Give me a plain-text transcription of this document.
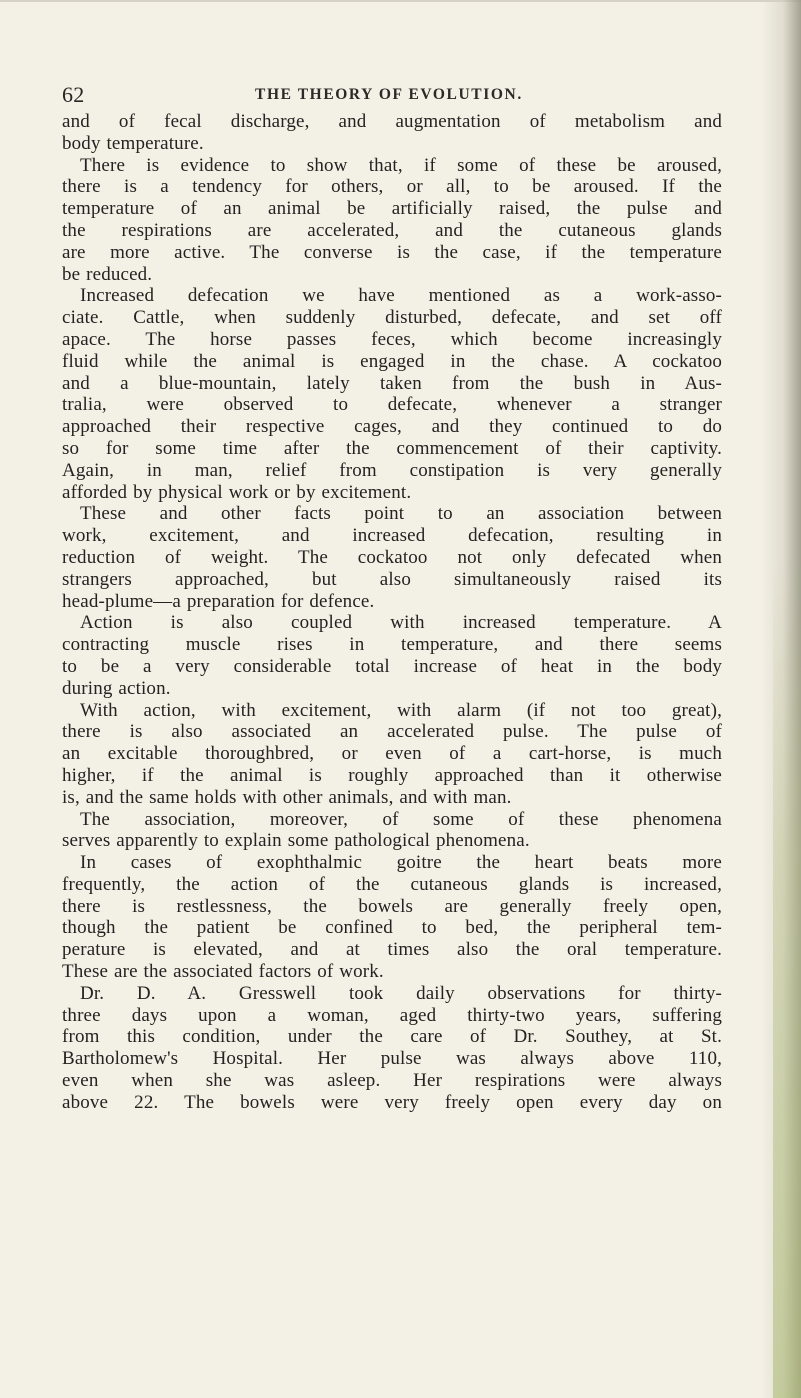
62	THE THEORY OF EVOLUTION.
and of fecal discharge, and augmentation of metabolism and
body temperature.
There is evidence to show that, if some of these be aroused,
there is a tendency for others, or all, to be aroused. If the
temperature of an animal be artificially raised, the pulse and
the respirations are accelerated, and the cutaneous glands
are more active. The converse is the case, if the temperature
be reduced.
Increased defecation we have mentioned as a work-asso-
ciate. Cattle, when suddenly disturbed, defecate, and set off
apace. The horse passes feces, which become increasingly
fluid while the animal is engaged in the chase. A cockatoo
and a blue-mountain, lately taken from the bush in Aus-
tralia, were observed to defecate, whenever a stranger
approached their respective cages, and they continued to do
so for some time after the commencement of their captivity.
Again, in man, relief from constipation is very generally
afforded by physical work or by excitement.
These and other facts point to an association between
work, excitement, and increased defecation, resulting in
reduction of weight. The cockatoo not only defecated when
strangers approached, but also simultaneously raised its
head-plume—a preparation for defence.
Action is also coupled with increased temperature. A
contracting muscle rises in temperature, and there seems
to be a very considerable total increase of heat in the body
during action.
With action, with excitement, with alarm (if not too great),
there is also associated an accelerated pulse. The pulse of
an excitable thoroughbred, or even of a cart-horse, is much
higher, if the animal is roughly approached than it otherwise
is, and the same holds with other animals, and with man.
The association, moreover, of some of these phenomena
serves apparently to explain some pathological phenomena.
In cases of exophthalmic goitre the heart beats more
frequently, the action of the cutaneous glands is increased,
there is restlessness, the bowels are generally freely open,
though the patient be confined to bed, the peripheral tem-
perature is elevated, and at times also the oral temperature.
These are the associated factors of work.
Dr. D. A. Gresswell took daily observations for thirty-
three days upon a woman, aged thirty-two years, suffering
from this condition, under the care of Dr. Southey, at St.
Bartholomew's Hospital. Her pulse was always above 110,
even when she was asleep. Her respirations were always
above 22. The bowels were very freely open every day on
